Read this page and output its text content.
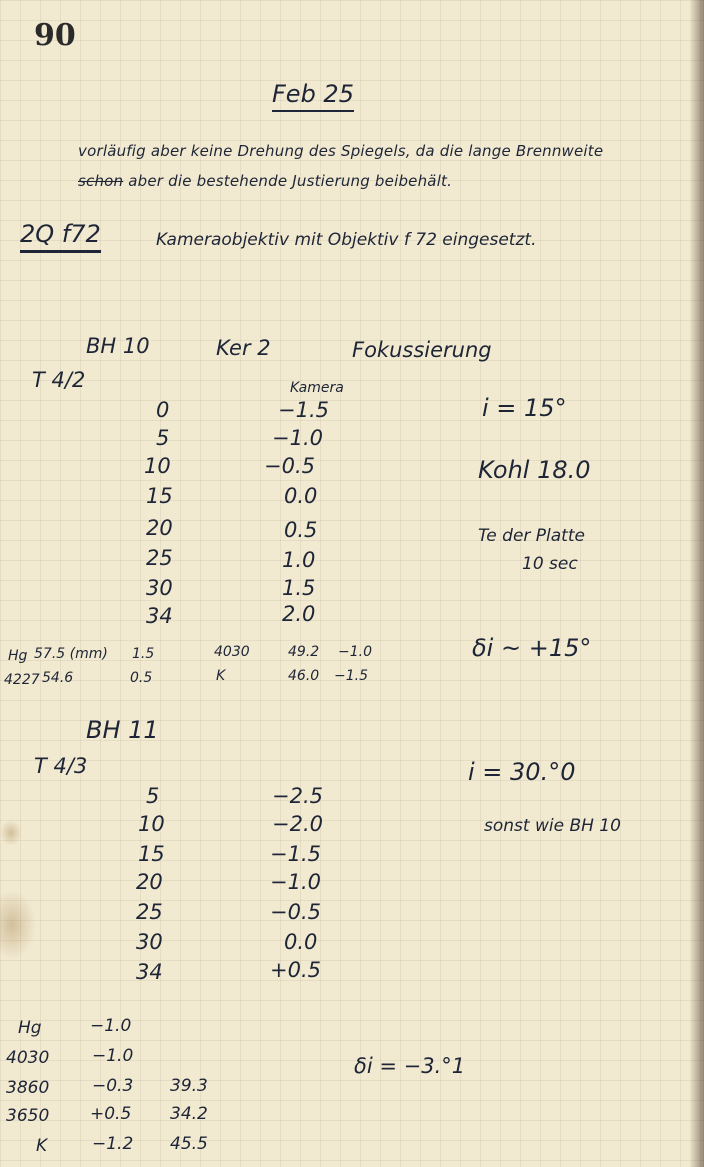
90
Feb 25
vorläufig aber keine Drehung des Spiegels, da die lange Brennweite
schon aber die bestehende Justierung beibehält.
2Q f72	Kameraobjektiv mit Objektiv f 72 eingesetzt.
BH 10	Ker 2	Fokussierung
T 4/2	Kamera
0	−1.5
5	−1.0
10	−0.5
15	0.0
20	0.5
25	1.0
30	1.5
34	2.0
i = 15°
Kohl 18.0
Te der Platte
10 sec
δi ~ +15°
Hg 57.5 (mm) 1.5	4030	49.2 −1.0
4227 54.6	0.5	K	46.0 −1.5
BH 11
T 4/3
5	−2.5
10	−2.0
15	−1.5
20	−1.0
25	−0.5
30	0.0
34	+0.5
i = 30.°0
sonst wie BH 10
δi = −3.°1
Hg	−1.0
4030	−1.0
3860	−0.3 39.3
3650 +0.5 34.2
K	−1.2 45.5
